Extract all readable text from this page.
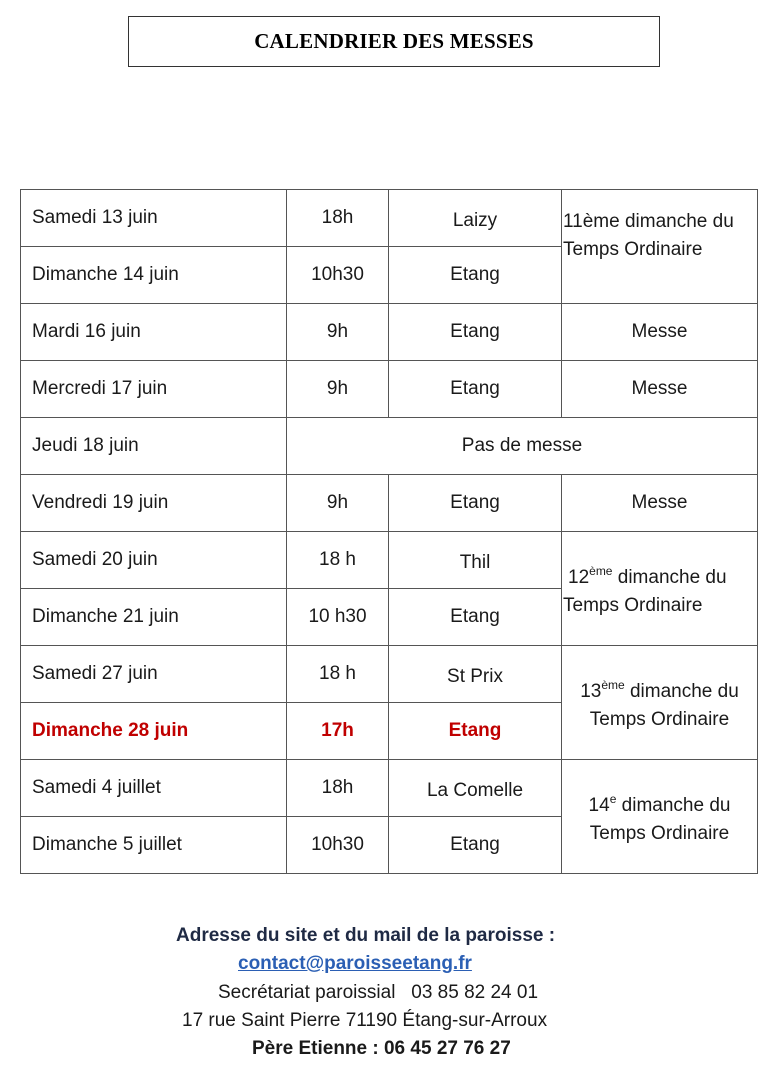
CALENDRIER DES MESSES
Samedi 13 juin	18h	Laizy	11ème dimanche du
Temps Ordinaire

Dimanche 14 juin	10h30	Etang	
Mardi 16 juin	9h	Etang	Messe
Mercredi 17 juin	9h	Etang	Messe
Jeudi 18 juin	Pas de messe		
Vendredi 19 juin	9h	Etang	Messe
Samedi 20 juin	18 h	Thil	12ème dimanche du
Temps Ordinaire

Dimanche 21 juin	10 h30	Etang	
Samedi 27 juin	18 h	St Prix	13ème dimanche du
Temps Ordinaire

Dimanche 28 juin	17h	Etang	
Samedi 4 juillet	18h	La Comelle	14e dimanche du
Temps Ordinaire

Dimanche 5 juillet	10h30	Etang	
Adresse du site et du mail de la paroisse :
contact@paroisseetang.fr
Secrétariat paroissial   03 85 82 24 01
17 rue Saint Pierre 71190 Étang-sur-Arroux
Père Etienne : 06 45 27 76 27
